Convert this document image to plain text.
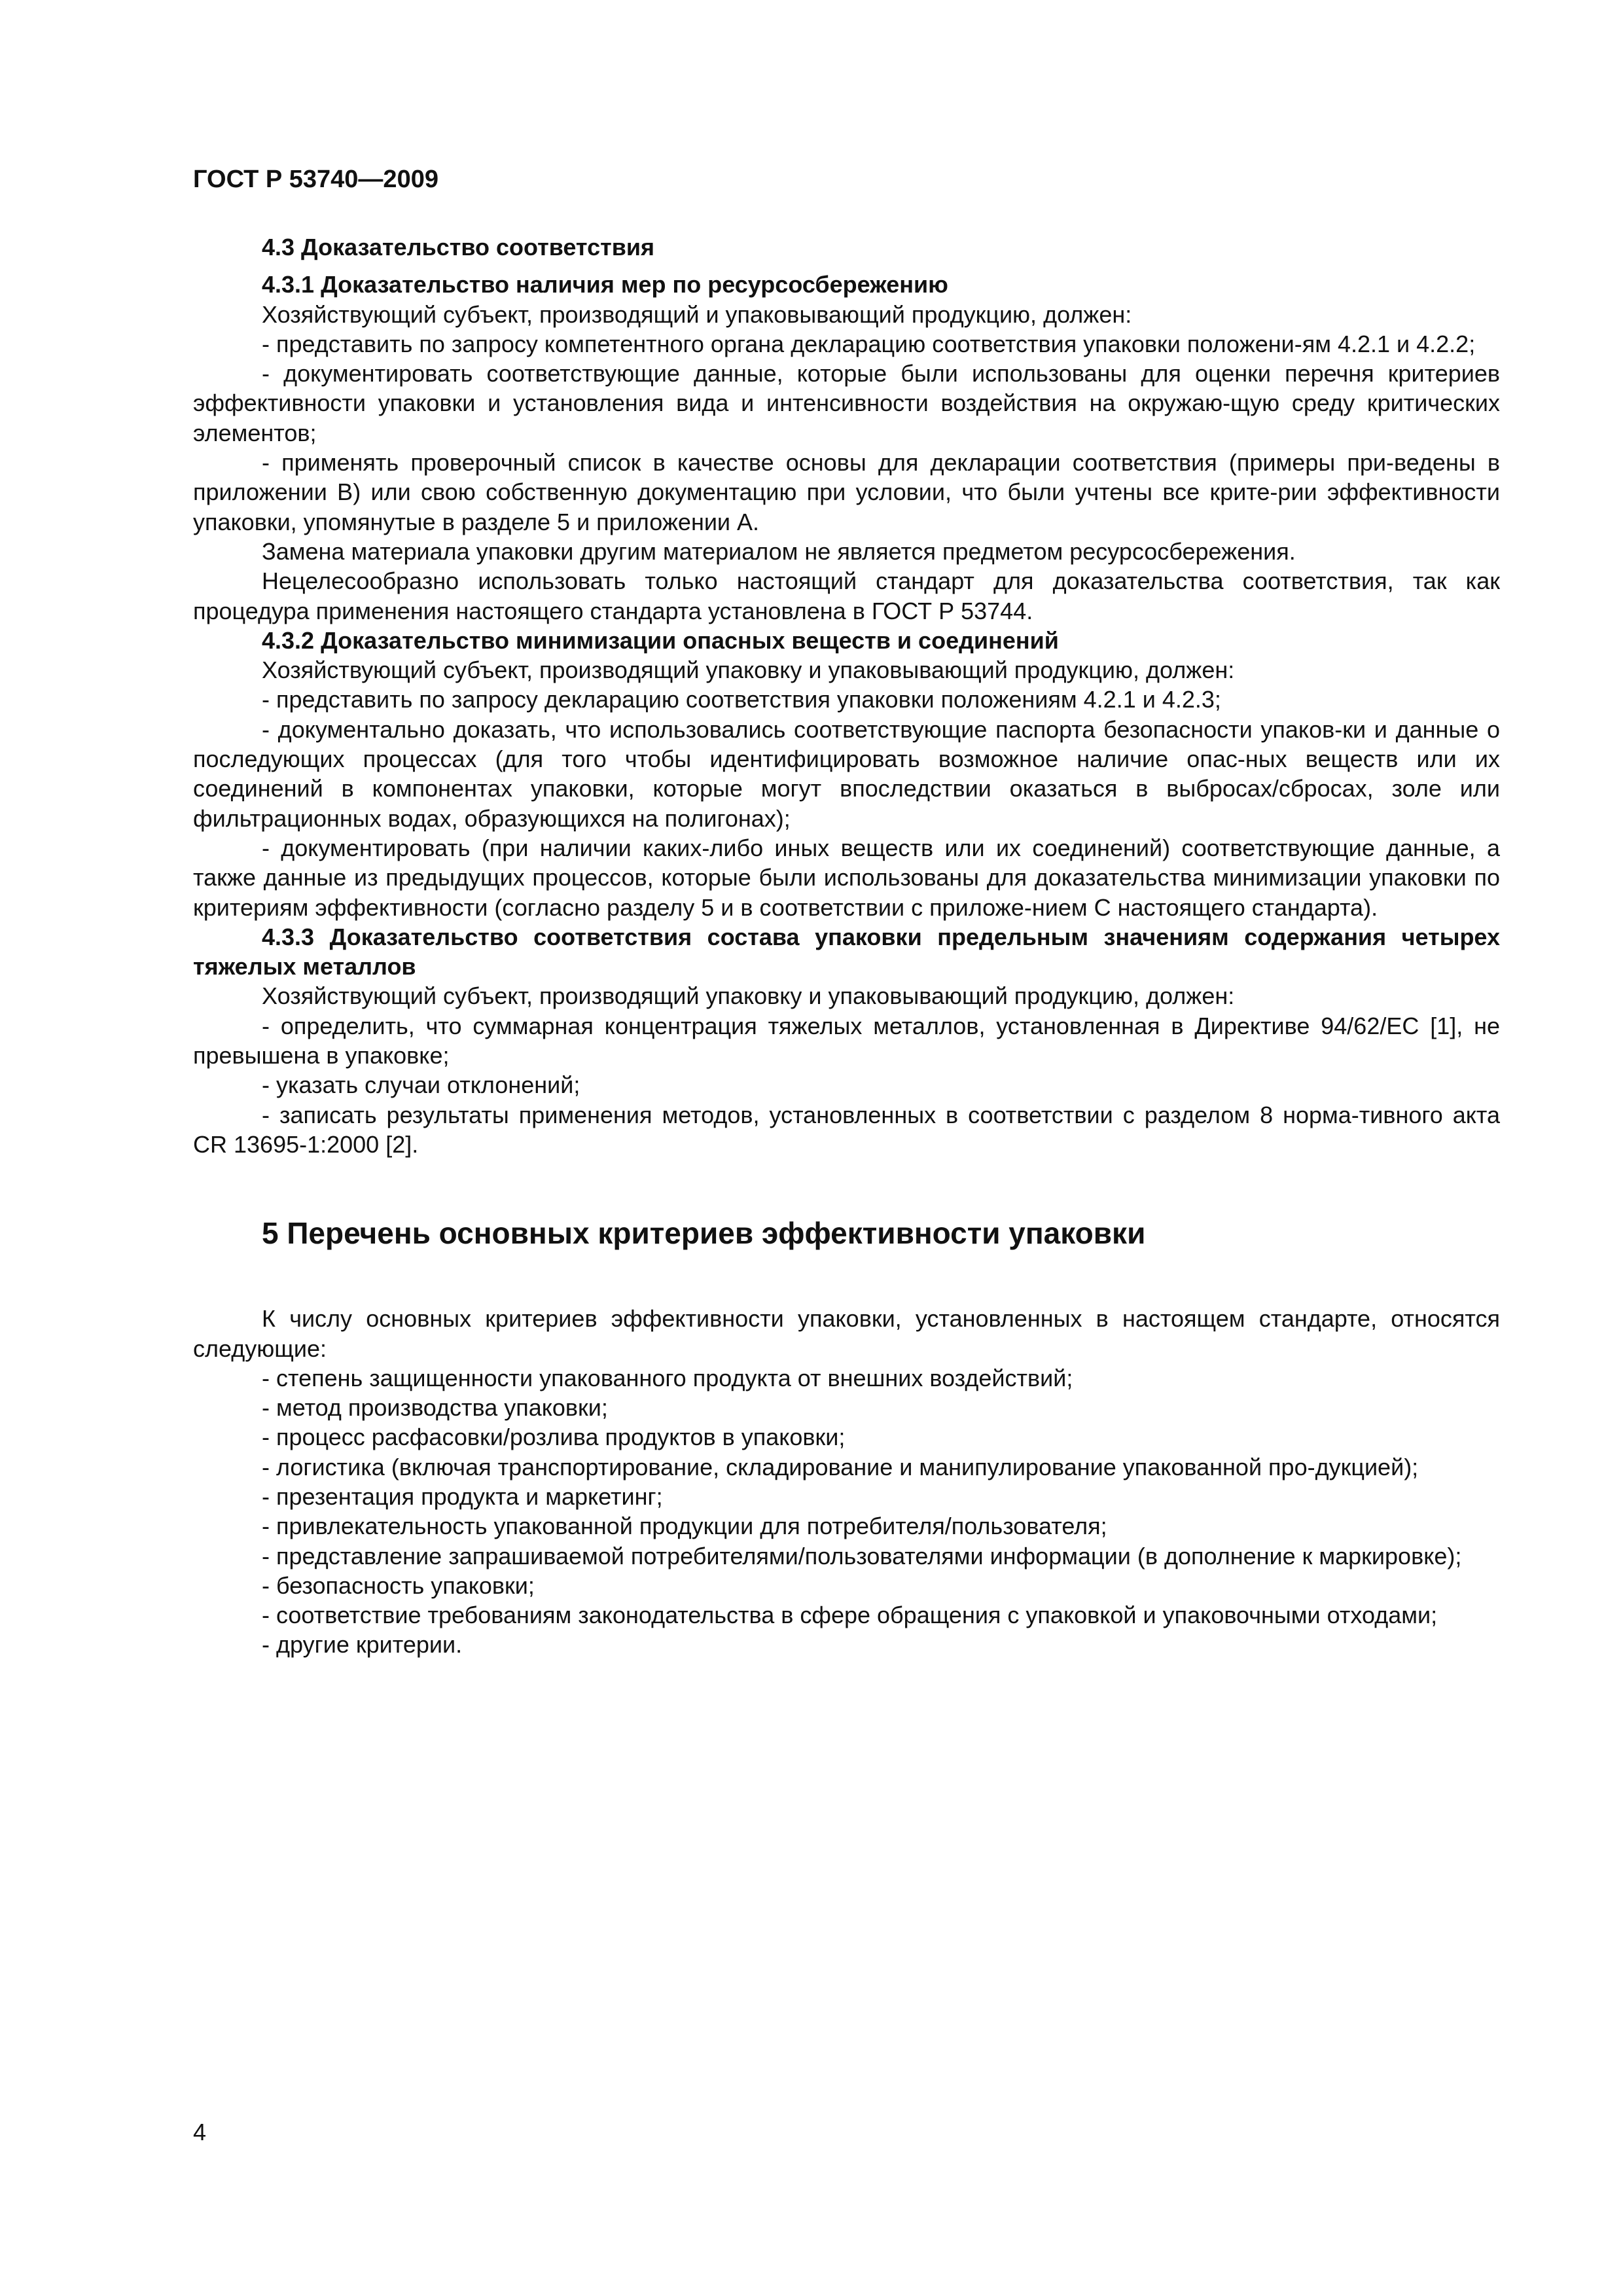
ГОСТ Р 53740—2009

4.3 Доказательство соответствия

4.3.1 Доказательство наличия мер по ресурсосбережению

Хозяйствующий субъект, производящий и упаковывающий продукцию, должен:

- представить по запросу компетентного органа декларацию соответствия упаковки положени-ям 4.2.1 и 4.2.2;

- документировать соответствующие данные, которые были использованы для оценки перечня критериев эффективности упаковки и установления вида и интенсивности воздействия на окружаю-щую среду критических элементов;

- применять проверочный список в качестве основы для декларации соответствия (примеры при-ведены в приложении В) или свою собственную документацию при условии, что были учтены все крите-рии эффективности упаковки, упомянутые в разделе 5 и приложении А.

Замена материала упаковки другим материалом не является предметом ресурсосбережения.

Нецелесообразно использовать только настоящий стандарт для доказательства соответствия, так как процедура применения настоящего стандарта установлена в ГОСТ Р 53744.

4.3.2 Доказательство минимизации опасных веществ и соединений

Хозяйствующий субъект, производящий упаковку и упаковывающий продукцию, должен:

- представить по запросу декларацию соответствия упаковки положениям 4.2.1 и 4.2.3;

- документально доказать, что использовались соответствующие паспорта безопасности упаков-ки и данные о последующих процессах (для того чтобы идентифицировать возможное наличие опас-ных веществ или их соединений в компонентах упаковки, которые могут впоследствии оказаться в выбросах/сбросах, золе или фильтрационных водах, образующихся на полигонах);

- документировать (при наличии каких-либо иных веществ или их соединений) соответствующие данные, а также данные из предыдущих процессов, которые были использованы для доказательства минимизации упаковки по критериям эффективности (согласно разделу 5 и в соответствии с приложе-нием С настоящего стандарта).

4.3.3 Доказательство соответствия состава упаковки предельным значениям содержания четырех тяжелых металлов

Хозяйствующий субъект, производящий упаковку и упаковывающий продукцию, должен:

- определить, что суммарная концентрация тяжелых металлов, установленная в Директиве 94/62/ЕС [1], не превышена в упаковке;

- указать случаи отклонений;

- записать результаты применения методов, установленных в соответствии с разделом 8 норма-тивного акта CR 13695-1:2000 [2].

5 Перечень основных критериев эффективности упаковки

К числу основных критериев эффективности упаковки, установленных в настоящем стандарте, относятся следующие:

- степень защищенности упакованного продукта от внешних воздействий;

- метод производства упаковки;

- процесс расфасовки/розлива продуктов в упаковки;

- логистика (включая транспортирование, складирование и манипулирование упакованной про-дукцией);

- презентация продукта и маркетинг;

- привлекательность упакованной продукции для потребителя/пользователя;

- представление запрашиваемой потребителями/пользователями информации (в дополнение к маркировке);

- безопасность упаковки;

- соответствие требованиям законодательства в сфере обращения с упаковкой и упаковочными отходами;

- другие критерии.

4
